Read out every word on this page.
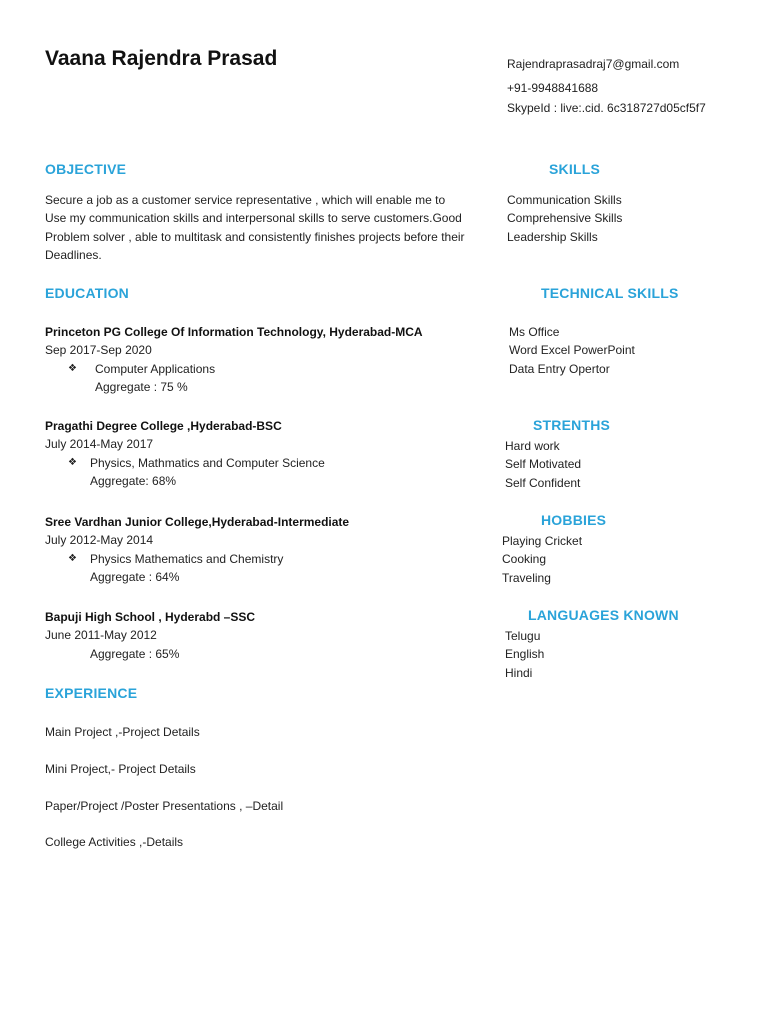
Vaana Rajendra Prasad	Rajendraprasadraj7@gmail.com
+91-9948841688
SkypeId : live:.cid. 6c318727d05cf5f7
OBJECTIVE
Secure a job as a customer service representative , which will enable me to
Use my communication skills and interpersonal skills to serve customers.Good
Problem solver , able to multitask and consistently finishes projects before their
Deadlines.
EDUCATION
Princeton PG College Of Information Technology, Hyderabad-MCA
Sep 2017-Sep 2020
❖ Computer Applications
Aggregate : 75 %
Pragathi Degree College ,Hyderabad-BSC
July 2014-May 2017
❖ Physics, Mathmatics and Computer Science
Aggregate: 68%
Sree Vardhan Junior College,Hyderabad-Intermediate
July 2012-May 2014
❖ Physics Mathematics and Chemistry
Aggregate : 64%
Bapuji High School , Hyderabd –SSC
June 2011-May 2012
Aggregate : 65%
EXPERIENCE
Main Project ,-Project Details
Mini Project,- Project Details
Paper/Project /Poster Presentations , –Detail
College Activities ,-Details
SKILLS
Communication Skills
Comprehensive Skills
Leadership Skills
TECHNICAL SKILLS
Ms Office
Word Excel PowerPoint
Data Entry Opertor
STRENTHS
Hard work
Self Motivated
Self Confident
HOBBIES
Playing Cricket
Cooking
Traveling
LANGUAGES KNOWN
Telugu
English
Hindi
